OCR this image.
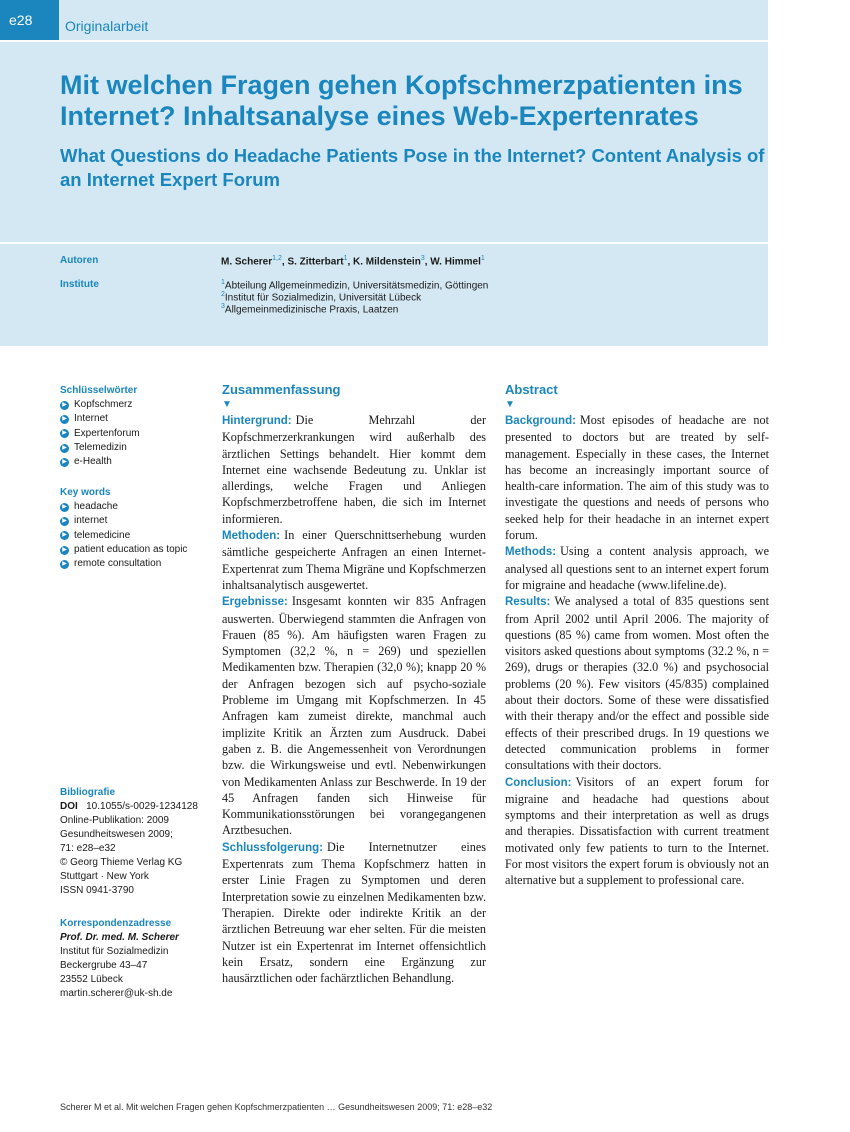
e28	Originalarbeit
Mit welchen Fragen gehen Kopfschmerzpatienten ins Internet? Inhaltsanalyse eines Web-Expertenrates
What Questions do Headache Patients Pose in the Internet? Content Analysis of an Internet Expert Forum
Autoren	M. Scherer$^{1,2}$, S. Zitterbart$^1$, K. Mildenstein$^3$, W. Himmel$^1$
Institute	$^1$Abteilung Allgemeinmedizin, Universitätsmedizin, Göttingen
$^2$Institut für Sozialmedizin, Universität Lübeck
$^3$Allgemeinmedizinische Praxis, Laatzen
Schlüsselwörter
▶ Kopfschmerz
▶ Internet
▶ Expertenforum
▶ Telemedizin
▶ e-Health
Key words
▶ headache
▶ internet
▶ telemedicine
▶ patient education as topic
▶ remote consultation
Bibliografie
DOI 10.1055/s-0029-1234128
Online-Publikation: 2009
Gesundheitswesen 2009;
71: e28–e32
© Georg Thieme Verlag KG
Stuttgart · New York
ISSN 0941-3790
Korrespondenzadresse
Prof. Dr. med. M. Scherer
Institut für Sozialmedizin
Beckergrube 43–47
23552 Lübeck
martin.scherer@uk-sh.de
Zusammenfassung
▼

Hintergrund: Die Mehrzahl der Kopfschmerzerkrankungen wird außerhalb des ärztlichen Settings behandelt. Hier kommt dem Internet eine wachsende Bedeutung zu. Unklar ist allerdings, welche Fragen und Anliegen Kopfschmerzbetroffene haben, die sich im Internet informieren.

Methoden: In einer Querschnittserhebung wurden sämtliche gespeicherte Anfragen an einen Internet-Expertenrat zum Thema Migräne und Kopfschmerzen inhaltsanalytisch ausgewertet.

Ergebnisse: Insgesamt konnten wir 835 Anfragen auswerten. Überwiegend stammten die Anfragen von Frauen (85 %). Am häufigsten waren Fragen zu Symptomen (32,2 %, n = 269) und speziellen Medikamenten bzw. Therapien (32,0 %); knapp 20 % der Anfragen bezogen sich auf psycho-soziale Probleme im Umgang mit Kopfschmerzen. In 45 Anfragen kam zumeist direkte, manchmal auch implizite Kritik an Ärzten zum Ausdruck. Dabei gaben z. B. die Angemessenheit von Verordnungen bzw. die Wirkungsweise und evtl. Nebenwirkungen von Medikamenten Anlass zur Beschwerde. In 19 der 45 Anfragen fanden sich Hinweise für Kommunikationsstörungen bei vorangegangenen Arztbesuchen.

Schlussfolgerung: Die Internetnutzer eines Expertenrats zum Thema Kopfschmerz hatten in erster Linie Fragen zu Symptomen und deren Interpretation sowie zu einzelnen Medikamenten bzw. Therapien. Direkte oder indirekte Kritik an der ärztlichen Betreuung war eher selten. Für die meisten Nutzer ist ein Expertenrat im Internet offensichtlich kein Ersatz, sondern eine Ergänzung zur hausärztlichen oder fachärztlichen Behandlung.

Abstract
▼

Background: Most episodes of headache are not presented to doctors but are treated by self-management. Especially in these cases, the Internet has become an increasingly important source of health-care information. The aim of this study was to investigate the questions and needs of persons who seeked help for their headache in an internet expert forum.

Methods: Using a content analysis approach, we analysed all questions sent to an internet expert forum for migraine and headache (www.lifeline.de).

Results: We analysed a total of 835 questions sent from April 2002 until April 2006. The majority of questions (85 %) came from women. Most often the visitors asked questions about symptoms (32.2 %, n = 269), drugs or therapies (32.0 %) and psychosocial problems (20 %). Few visitors (45/835) complained about their doctors. Some of these were dissatisfied with their therapy and/or the effect and possible side effects of their prescribed drugs. In 19 questions we detected communication problems in former consultations with their doctors.

Conclusion: Visitors of an expert forum for migraine and headache had questions about symptoms and their interpretation as well as drugs and therapies. Dissatisfaction with current treatment motivated only few patients to turn to the Internet. For most visitors the expert forum is obviously not an alternative but a supplement to professional care.

Scherer M et al. Mit welchen Fragen gehen Kopfschmerzpatienten … Gesundheitswesen 2009; 71: e28–e32
